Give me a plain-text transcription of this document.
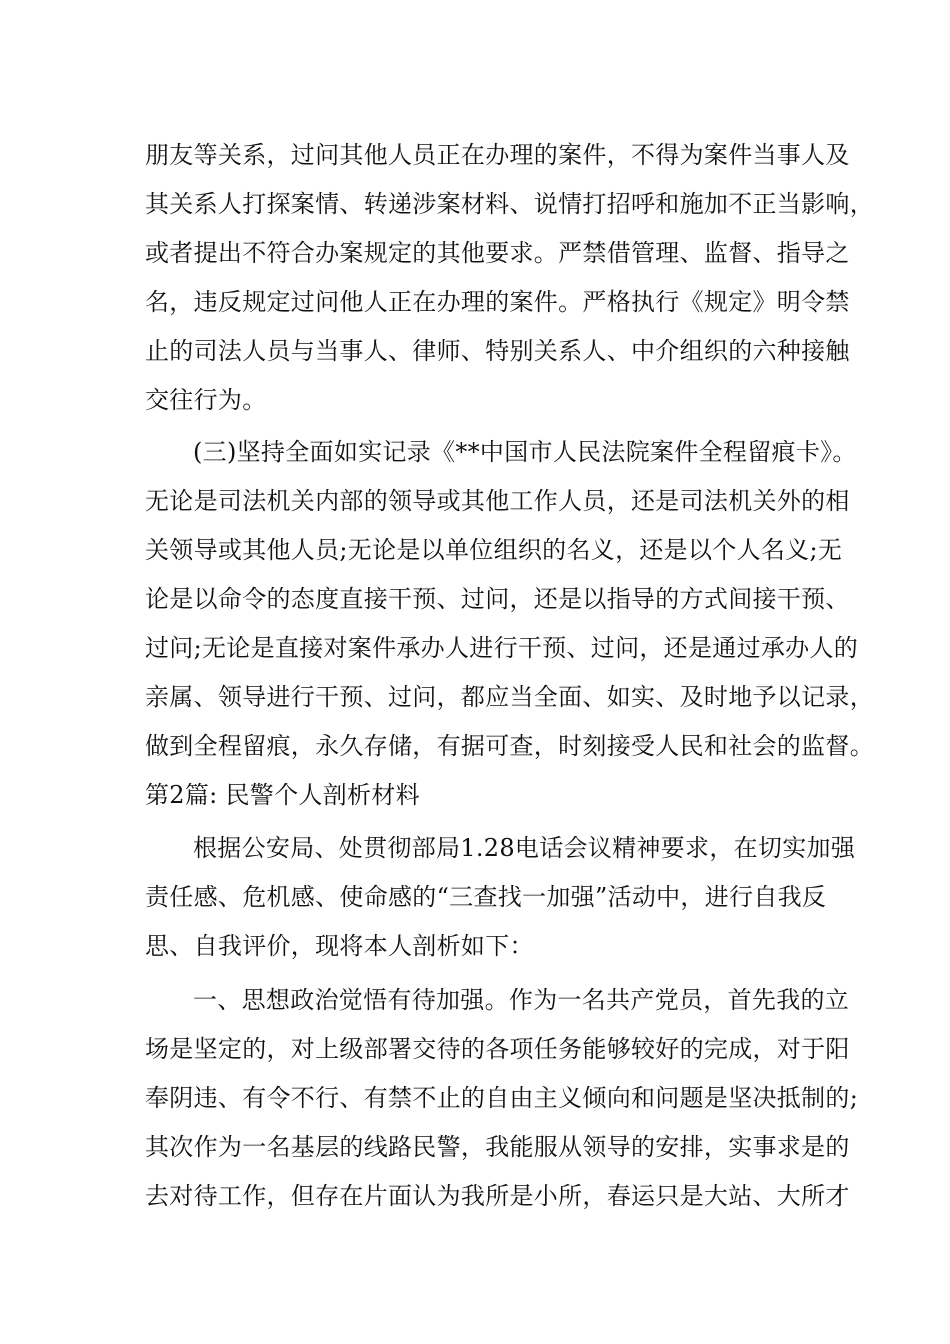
朋友等关系，过问其他人员正在办理的案件，不得为案件当事人及
其关系人打探案情、转递涉案材料、说情打招呼和施加不正当影响，
或者提出不符合办案规定的其他要求。严禁借管理、监督、指导之
名，违反规定过问他人正在办理的案件。严格执行《规定》明令禁
止的司法人员与当事人、律师、特别关系人、中介组织的六种接触
交往行为。
(三)坚持全面如实记录《**中国市人民法院案件全程留痕卡》。
无论是司法机关内部的领导或其他工作人员，还是司法机关外的相
关领导或其他人员;无论是以单位组织的名义，还是以个人名义;无
论是以命令的态度直接干预、过问，还是以指导的方式间接干预、
过问;无论是直接对案件承办人进行干预、过问，还是通过承办人的
亲属、领导进行干预、过问，都应当全面、如实、及时地予以记录，
做到全程留痕，永久存储，有据可查，时刻接受人民和社会的监督。
第2篇: 民警个人剖析材料
根据公安局、处贯彻部局1.28电话会议精神要求，在切实加强
责任感、危机感、使命感的“三查找一加强”活动中，进行自我反
思、自我评价，现将本人剖析如下：
一、思想政治觉悟有待加强。作为一名共产党员，首先我的立
场是坚定的，对上级部署交待的各项任务能够较好的完成，对于阳
奉阴违、有令不行、有禁不止的自由主义倾向和问题是坚决抵制的;
其次作为一名基层的线路民警，我能服从领导的安排，实事求是的
去对待工作，但存在片面认为我所是小所，春运只是大站、大所才
